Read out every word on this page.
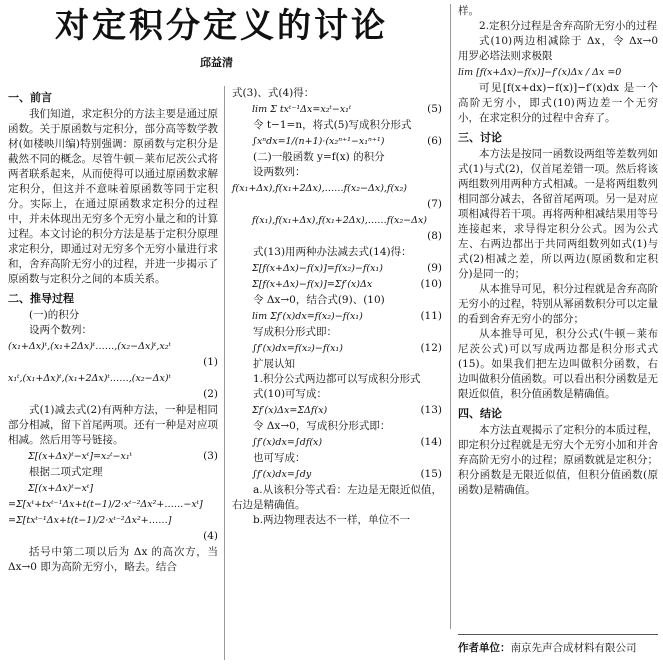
对定积分定义的讨论
邱益清
一、前言

我们知道，求定积分的方法主要是通过原函数。关于原函数与定积分，部分高等数学教材(如楼映川编)特别强调：原函数与定积分是截然不同的概念。尽管牛顿－莱布尼茨公式将两者联系起来，从而使得可以通过原函数求解定积分，但这并不意味着原函数等同于定积分。实际上，在通过原函数求定积分的过程中，并未体现出无穷多个无穷小量之和的计算过程。本文讨论的积分方法是基于定积分原理求定积分，即通过对无穷多个无穷小量进行求和，舍弃高阶无穷小的过程，并进一步揭示了原函数与定积分之间的本质关系。

二、推导过程

(一)的积分

设两个数列：

(x₁+Δx)ᵗ,(x₁+2Δx)ᵗ……,(x₂−Δx)ᵗ,x₂ᵗ
(1)
x₁ᵗ,(x₁+Δx)ᵗ,(x₁+2Δx)ᵗ……,(x₂−Δx)ᵗ
(2)

式(1)减去式(2)有两种方法，一种是相同部分相减，留下首尾两项。还有一种是对应项相减。然后用等号链接。

Σ[(x+Δx)ᵗ−xᵗ]=x₂ᵗ−x₁ᵗ	(3)

根据二项式定理

Σ[(x+Δx)ᵗ−xᵗ]
=Σ[xᵗ+txᵗ⁻¹Δx+t(t−1)/2·xᵗ⁻²Δx²+……−xᵗ]
=Σ[txᵗ⁻¹Δx+t(t−1)/2·xᵗ⁻²Δx²+……]
(4)

括号中第二项以后为 Δx 的高次方，当 Δx→0 即为高阶无穷小，略去。结合

式(3)、式(4)得：

lim Σ txᵗ⁻¹Δx=x₂ᵗ−x₁ᵗ	(5)

令 t−1=n，将式(5)写成积分形式

∫xⁿdx=1/(n+1)·(x₂ⁿ⁺¹−x₁ⁿ⁺¹)	(6)

(二)一般函数 y=f(x) 的积分

设两数列：

f(x₁+Δx),f(x₁+2Δx),……f(x₂−Δx),f(x₂)
(7)
f(x₁),f(x₁+Δx),f(x₁+2Δx),……f(x₂−Δx)
(8)

式(13)用两种办法减去式(14)得：

Σ[f(x+Δx)−f(x)]=f(x₂)−f(x₁)	(9)
Σ[f(x+Δx)−f(x)]=Σf′(x)Δx	(10)

令 Δx→0，结合式(9)、(10)

lim Σf′(x)dx=f(x₂)−f(x₁)	(11)

写成积分形式即：

∫f′(x)dx=f(x₂)−f(x₁)	(12)

扩展认知

1.积分公式两边都可以写成积分形式

式(10)可写成：

Σf′(x)Δx=ΣΔf(x)	(13)

令 Δx→0，写成积分形式即：

∫f′(x)dx=∫df(x)	(14)

也可写成：

∫f′(x)dx=∫dy	(15)

a.从该积分等式看：左边是无限近似值，右边是精确值。

b.两边物理表达不一样，单位不一

样。

2.定积分过程是舍弃高阶无穷小的过程

式(10)两边相减除于 Δx，令 Δx→0 用罗必塔法则求极限

lim [f(x+Δx)−f(x)]−f′(x)Δx / Δx =0

可见[f(x+dx)−f(x)]−f′(x)dx 是一个高阶无穷小，即式(10)两边差一个无穷小，在求定积分的过程中舍弃了。

三、讨论

本方法是按同一函数设两组等差数列如式(1)与式(2)，仅首尾差错一项。然后将该两组数列用两种方式相减。一是将两组数列相同部分减去，各留首尾两项。另一是对应项相减得若干项。再将两种相减结果用等号连接起来，求导得定积分公式。因为公式左、右两边都出于共同两组数列如式(1)与式(2)相减之差，所以两边(原函数和定积分)是同一的；

从本推导可见，积分过程就是舍弃高阶无穷小的过程，特别从幂函数积分可以定量的看到舍弃无穷小的部分；

从本推导可见，积分公式(牛顿－莱布尼茨公式)可以写成两边都是积分形式式(15)。如果我们把左边叫做积分函数，右边叫做积分值函数。可以看出积分函数是无限近似值，积分值函数是精确值。

四、结论

本方法直观揭示了定积分的本质过程，即定积分过程就是无穷大个无穷小加和并舍弃高阶无穷小的过程；原函数就是定积分；积分函数是无限近似值，但积分值函数(原函数)是精确值。

作者单位：南京先声合成材料有限公司
